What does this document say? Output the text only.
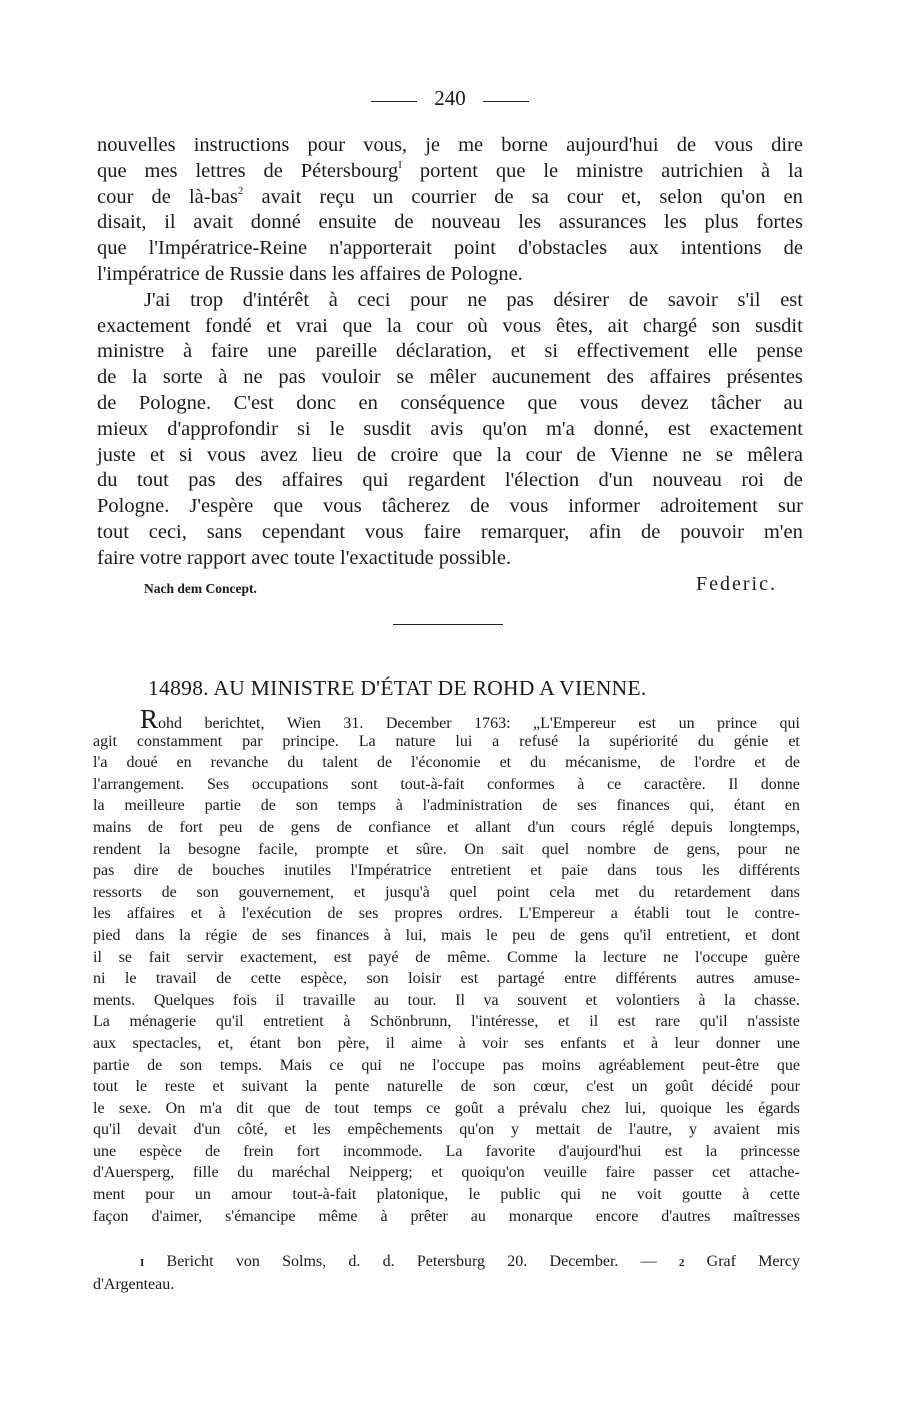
240
nouvelles instructions pour vous, je me borne aujourd'hui de vous dire
que mes lettres de Pétersbourg$^I$ portent que le ministre autrichien à la
cour de là-bas$^2$ avait reçu un courrier de sa cour et, selon qu'on en
disait, il avait donné ensuite de nouveau les assurances les plus fortes
que l'Impératrice-Reine n'apporterait point d'obstacles aux intentions de
l'impératrice de Russie dans les affaires de Pologne.
J'ai trop d'intérêt à ceci pour ne pas désirer de savoir s'il est
exactement fondé et vrai que la cour où vous êtes, ait chargé son susdit
ministre à faire une pareille déclaration, et si effectivement elle pense
de la sorte à ne pas vouloir se mêler aucunement des affaires présentes
de Pologne. C'est donc en conséquence que vous devez tâcher au
mieux d'approfondir si le susdit avis qu'on m'a donné, est exactement
juste et si vous avez lieu de croire que la cour de Vienne ne se mêlera
du tout pas des affaires qui regardent l'élection d'un nouveau roi de
Pologne. J'espère que vous tâcherez de vous informer adroitement sur
tout ceci, sans cependant vous faire remarquer, afin de pouvoir m'en
faire votre rapport avec toute l'exactitude possible.
Nach dem Concept.	Federic.
14898. AU MINISTRE D'ÉTAT DE ROHD A VIENNE.
Rohd berichtet, Wien 31. December 1763: „L'Empereur est un prince qui
agit constamment par principe. La nature lui a refusé la supériorité du génie et
l'a doué en revanche du talent de l'économie et du mécanisme, de l'ordre et de
l'arrangement. Ses occupations sont tout-à-fait conformes à ce caractère. Il donne
la meilleure partie de son temps à l'administration de ses finances qui, étant en
mains de fort peu de gens de confiance et allant d'un cours réglé depuis longtemps,
rendent la besogne facile, prompte et sûre. On sait quel nombre de gens, pour ne
pas dire de bouches inutiles l'Impératrice entretient et paie dans tous les différents
ressorts de son gouvernement, et jusqu'à quel point cela met du retardement dans
les affaires et à l'exécution de ses propres ordres. L'Empereur a établi tout le contre-
pied dans la régie de ses finances à lui, mais le peu de gens qu'il entretient, et dont
il se fait servir exactement, est payé de même. Comme la lecture ne l'occupe guère
ni le travail de cette espèce, son loisir est partagé entre différents autres amuse-
ments. Quelques fois il travaille au tour. Il va souvent et volontiers à la chasse.
La ménagerie qu'il entretient à Schönbrunn, l'intéresse, et il est rare qu'il n'assiste
aux spectacles, et, étant bon père, il aime à voir ses enfants et à leur donner une
partie de son temps. Mais ce qui ne l'occupe pas moins agréablement peut-être que
tout le reste et suivant la pente naturelle de son cœur, c'est un goût décidé pour
le sexe. On m'a dit que de tout temps ce goût a prévalu chez lui, quoique les égards
qu'il devait d'un côté, et les empêchements qu'on y mettait de l'autre, y avaient mis
une espèce de frein fort incommode. La favorite d'aujourd'hui est la princesse
d'Auersperg, fille du maréchal Neipperg; et quoiqu'on veuille faire passer cet attache-
ment pour un amour tout-à-fait platonique, le public qui ne voit goutte à cette
façon d'aimer, s'émancipe même à prêter au monarque encore d'autres maîtresses
I Bericht von Solms, d. d. Petersburg 20. December. — 2 Graf Mercy
d'Argenteau.
